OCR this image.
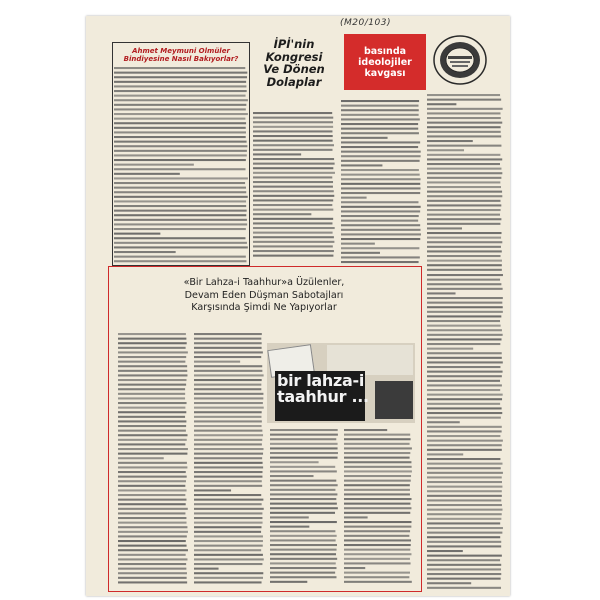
(M20/103)
Ahmet Meymuni Olmüler
Bindiyesine Nasıl Bakıyorlar?
İPİ'nin
Kongresi
Ve Dönen
Dolaplar
basında
ideolojiler
kavgası
«Bir Lahza-i Taahhur»a Üzülenler,
Devam Eden Düşman Sabotajları
Karşısında Şimdi Ne Yapıyorlar
bir lahza-i
taahhur ...
